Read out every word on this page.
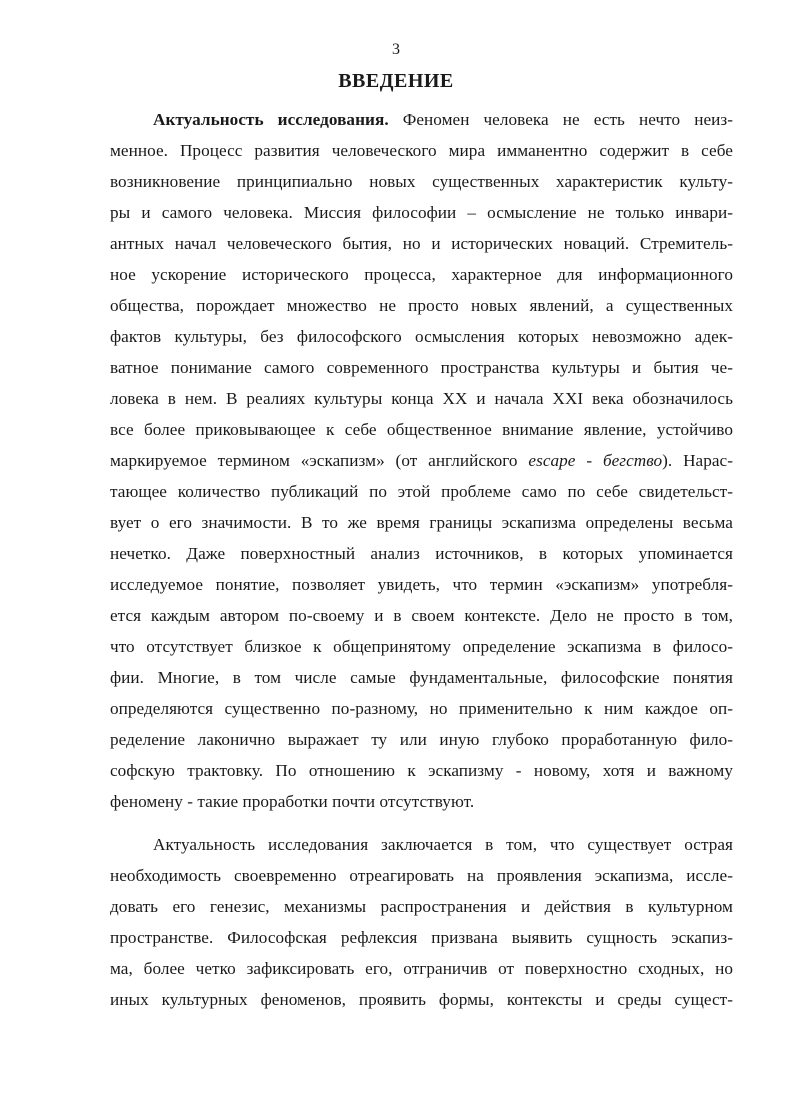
3
ВВЕДЕНИЕ
Актуальность исследования. Феномен человека не есть нечто неиз-
менное. Процесс развития человеческого мира имманентно содержит в себе
возникновение принципиально новых существенных характеристик культу-
ры и самого человека. Миссия философии – осмысление не только инвари-
антных начал человеческого бытия, но и исторических новаций. Стремитель-
ное ускорение исторического процесса, характерное для информационного
общества, порождает множество не просто новых явлений, а существенных
фактов культуры, без философского осмысления которых невозможно адек-
ватное понимание самого современного пространства культуры и бытия че-
ловека в нем. В реалиях культуры конца XX и начала XXI века обозначилось
все более приковывающее к себе общественное внимание явление, устойчиво
маркируемое термином «эскапизм» (от английского escape - бегство). Нарас-
тающее количество публикаций по этой проблеме само по себе свидетельст-
вует о его значимости. В то же время границы эскапизма определены весьма
нечетко. Даже поверхностный анализ источников, в которых упоминается
исследуемое понятие, позволяет увидеть, что термин «эскапизм» употребля-
ется каждым автором по-своему и в своем контексте. Дело не просто в том,
что отсутствует близкое к общепринятому определение эскапизма в филосо-
фии. Многие, в том числе самые фундаментальные, философские понятия
определяются существенно по-разному, но применительно к ним каждое оп-
ределение лаконично выражает ту или иную глубоко проработанную фило-
софскую трактовку. По отношению к эскапизму - новому, хотя и важному
феномену - такие проработки почти отсутствуют.
Актуальность исследования заключается в том, что существует острая
необходимость своевременно отреагировать на проявления эскапизма, иссле-
довать его генезис, механизмы распространения и действия в культурном
пространстве. Философская рефлексия призвана выявить сущность эскапиз-
ма, более четко зафиксировать его, отграничив от поверхностно сходных, но
иных культурных феноменов, проявить формы, контексты и среды сущест-
